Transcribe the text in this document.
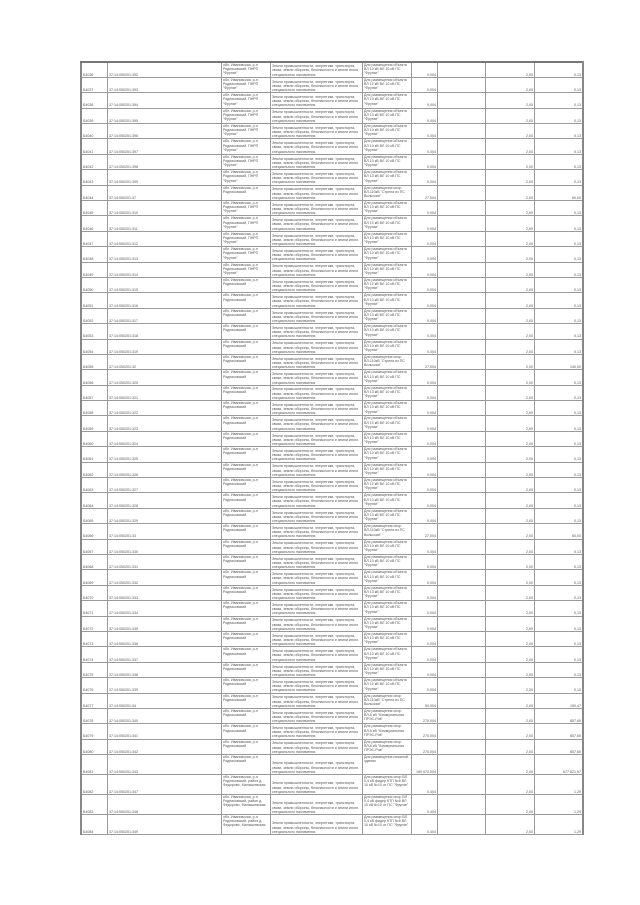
Б4036	37:14:050201:392	обл. Ивановская, р-н Родниковский, ПНРП "Фрунзе"	Земли промышленности, энергетики, транспорта, связи, земли обороны, безопасности и земли иного специального назначения	Для размещения объекта ВЛ 10 кВ ВЛ 10 кВ ПС "Фрунзе"	0,004		2,00	0,13
Б4037	37:14:050201:393	обл. Ивановская, р-н Родниковский, ПНРП "Фрунзе"	Земли промышленности, энергетики, транспорта, связи, земли обороны, безопасности и земли иного специального назначения	Для размещения объекта ВЛ 10 кВ ВЛ 10 кВ ПС "Фрунзе"	0,004		2,00	0,13
Б4038	37:14:050201:394	обл. Ивановская, р-н Родниковский, ПНРП "Фрунзе"	Земли промышленности, энергетики, транспорта, связи, земли обороны, безопасности и земли иного специального назначения	Для размещения объекта ВЛ 10 кВ ВЛ 10 кВ ПС "Фрунзе"	0,004		2,00	0,13
Б4039	37:14:050201:395	обл. Ивановская, р-н Родниковский, ПНРП "Фрунзе"	Земли промышленности, энергетики, транспорта, связи, земли обороны, безопасности и земли иного специального назначения	Для размещения объекта ВЛ 10 кВ ВЛ 10 кВ ПС "Фрунзе"	0,004		2,00	0,13
Б4040	37:14:050201:396	обл. Ивановская, р-н Родниковский, ПНРП "Фрунзе"	Земли промышленности, энергетики, транспорта, связи, земли обороны, безопасности и земли иного специального назначения	Для размещения объекта ВЛ 10 кВ ВЛ 10 кВ ПС "Фрунзе"	0,004		2,00	0,13
Б4041	37:14:050201:397	обл. Ивановская, р-н Родниковский, ПНРП "Фрунзе"	Земли промышленности, энергетики, транспорта, связи, земли обороны, безопасности и земли иного специального назначения	Для размещения объекта ВЛ 10 кВ ВЛ 10 кВ ПС "Фрунзе"	0,004		2,00	0,13
Б4042	37:14:050201:398	обл. Ивановская, р-н Родниковский, ПНРП "Фрунзе"	Земли промышленности, энергетики, транспорта, связи, земли обороны, безопасности и земли иного специального назначения	Для размещения объекта ВЛ 10 кВ ВЛ 10 кВ ПС "Фрунзе"	0,004		2,00	0,13
Б4043	37:14:050201:399	обл. Ивановская, р-н Родниковский, ПНРП "Фрунзе"	Земли промышленности, энергетики, транспорта, связи, земли обороны, безопасности и земли иного специального назначения	Для размещения объекта ВЛ 10 кВ ВЛ 10 кВ ПС "Фрунзе"	0,004		2,00	0,13
Б4044	37:14:050201:37	обл. Ивановская, р-н Родниковский	Земли промышленности, энергетики, транспорта, связи, земли обороны, безопасности и земли иного специального назначения	Для размещения опор ВЛ-110кВ "Стрела из ПС Вольская"	27,004		2,00	60,00
Б4045	37:14:050201:310	обл. Ивановская, р-н Родниковский, ПНРП "Фрунзе"	Земли промышленности, энергетики, транспорта, связи, земли обороны, безопасности и земли иного специального назначения	Для размещения объекта ВЛ 10 кВ ВЛ 10 кВ ПС "Фрунзе"	0,004		2,00	0,13
Б4046	37:14:050201:311	обл. Ивановская, р-н Родниковский, ПНРП "Фрунзе"	Земли промышленности, энергетики, транспорта, связи, земли обороны, безопасности и земли иного специального назначения	Для размещения объекта ВЛ 10 кВ ВЛ 10 кВ ПС "Фрунзе"	0,004		2,00	0,13
Б4047	37:14:050201:312	обл. Ивановская, р-н Родниковский, ПНРП "Фрунзе"	Земли промышленности, энергетики, транспорта, связи, земли обороны, безопасности и земли иного специального назначения	Для размещения объекта ВЛ 10 кВ ВЛ 10 кВ ПС "Фрунзе"	0,004		2,00	0,13
Б4048	37:14:050201:313	обл. Ивановская, р-н Родниковский, ПНРП "Фрунзе"	Земли промышленности, энергетики, транспорта, связи, земли обороны, безопасности и земли иного специального назначения	Для размещения объекта ВЛ 10 кВ ВЛ 10 кВ ПС "Фрунзе"	0,004		2,00	0,13
Б4049	37:14:050201:314	обл. Ивановская, р-н Родниковский, ПНРП "Фрунзе"	Земли промышленности, энергетики, транспорта, связи, земли обороны, безопасности и земли иного специального назначения	Для размещения объекта ВЛ 10 кВ ВЛ 10 кВ ПС "Фрунзе"	0,004		2,00	0,13
Б4050	37:14:050201:315	обл. Ивановская, р-н Родниковский	Земли промышленности, энергетики, транспорта, связи, земли обороны, безопасности и земли иного специального назначения	Для размещения объекта ВЛ 10 кВ ВЛ 10 кВ ПС "Фрунзе"	0,004		2,00	0,13
Б4051	37:14:050201:316	обл. Ивановская, р-н Родниковский	Земли промышленности, энергетики, транспорта, связи, земли обороны, безопасности и земли иного специального назначения	Для размещения объекта ВЛ 10 кВ ВЛ 10 кВ ПС "Фрунзе"	0,004		2,00	0,13
Б4052	37:14:050201:317	обл. Ивановская, р-н Родниковский	Земли промышленности, энергетики, транспорта, связи, земли обороны, безопасности и земли иного специального назначения	Для размещения объекта ВЛ 10 кВ ВЛ 10 кВ ПС "Фрунзе"	0,004		2,00	0,13
Б4053	37:14:050201:318	обл. Ивановская, р-н Родниковский	Земли промышленности, энергетики, транспорта, связи, земли обороны, безопасности и земли иного специального назначения	Для размещения объекта ВЛ 10 кВ ВЛ 10 кВ ПС "Фрунзе"	0,004		2,00	0,13
Б4054	37:14:050201:319	обл. Ивановская, р-н Родниковский	Земли промышленности, энергетики, транспорта, связи, земли обороны, безопасности и земли иного специального назначения	Для размещения объекта ВЛ 10 кВ ВЛ 10 кВ ПС "Фрунзе"	0,004		2,00	0,13
Б4055	37:14:050201:32	обл. Ивановская, р-н Родниковский	Земли промышленности, энергетики, транспорта, связи, земли обороны, безопасности и земли иного специального назначения	Для размещения опор ВЛ-110кВ "Стрела из ПС Вольская"	27,004		2,00	140,00
Б4056	37:14:050201:320	обл. Ивановская, р-н Родниковский	Земли промышленности, энергетики, транспорта, связи, земли обороны, безопасности и земли иного специального назначения	Для размещения объекта ВЛ 10 кВ ВЛ 10 кВ ПС "Фрунзе"	0,004		2,00	0,13
Б4057	37:14:050201:321	обл. Ивановская, р-н Родниковский	Земли промышленности, энергетики, транспорта, связи, земли обороны, безопасности и земли иного специального назначения	Для размещения объекта ВЛ 10 кВ ВЛ 10 кВ ПС "Фрунзе"	0,004		2,00	0,13
Б4058	37:14:050201:322	обл. Ивановская, р-н Родниковский	Земли промышленности, энергетики, транспорта, связи, земли обороны, безопасности и земли иного специального назначения	Для размещения объекта ВЛ 10 кВ ВЛ 10 кВ ПС "Фрунзе"	0,004		2,00	0,13
Б4059	37:14:050201:323	обл. Ивановская, р-н Родниковский	Земли промышленности, энергетики, транспорта, связи, земли обороны, безопасности и земли иного специального назначения	Для размещения объекта ВЛ 10 кВ ВЛ 10 кВ ПС "Фрунзе"	0,004		2,00	0,13
Б4060	37:14:050201:324	обл. Ивановская, р-н Родниковский	Земли промышленности, энергетики, транспорта, связи, земли обороны, безопасности и земли иного специального назначения	Для размещения объекта ВЛ 10 кВ ВЛ 10 кВ ПС "Фрунзе"	0,004		2,00	0,13
Б4061	37:14:050201:325	обл. Ивановская, р-н Родниковский	Земли промышленности, энергетики, транспорта, связи, земли обороны, безопасности и земли иного специального назначения	Для размещения объекта ВЛ 10 кВ ВЛ 10 кВ ПС "Фрунзе"	0,004		2,00	0,13
Б4062	37:14:050201:326	обл. Ивановская, р-н Родниковский	Земли промышленности, энергетики, транспорта, связи, земли обороны, безопасности и земли иного специального назначения	Для размещения объекта ВЛ 10 кВ ВЛ 10 кВ ПС "Фрунзе"	0,004		2,00	0,13
Б4063	37:14:050201:327	обл. Ивановская, р-н Родниковский	Земли промышленности, энергетики, транспорта, связи, земли обороны, безопасности и земли иного специального назначения	Для размещения объекта ВЛ 10 кВ ВЛ 10 кВ ПС "Фрунзе"	0,004		2,00	0,13
Б4064	37:14:050201:328	обл. Ивановская, р-н Родниковский	Земли промышленности, энергетики, транспорта, связи, земли обороны, безопасности и земли иного специального назначения	Для размещения объекта ВЛ 10 кВ ВЛ 10 кВ ПС "Фрунзе"	0,004		2,00	0,13
Б4065	37:14:050201:329	обл. Ивановская, р-н Родниковский	Земли промышленности, энергетики, транспорта, связи, земли обороны, безопасности и земли иного специального назначения	Для размещения объекта ВЛ 10 кВ ВЛ 10 кВ ПС "Фрунзе"	0,004		2,00	0,13
Б4066	37:14:050201:33	обл. Ивановская, р-н Родниковский	Земли промышленности, энергетики, транспорта, связи, земли обороны, безопасности и земли иного специального назначения	Для размещения опор ВЛ-110кВ "Стрела из ПС Вольская"	27,004		2,00	60,00
Б4067	37:14:050201:330	обл. Ивановская, р-н Родниковский	Земли промышленности, энергетики, транспорта, связи, земли обороны, безопасности и земли иного специального назначения	Для размещения объекта ВЛ 10 кВ ВЛ 10 кВ ПС "Фрунзе"	0,004		2,00	0,13
Б4068	37:14:050201:331	обл. Ивановская, р-н Родниковский	Земли промышленности, энергетики, транспорта, связи, земли обороны, безопасности и земли иного специального назначения	Для размещения объекта ВЛ 10 кВ ВЛ 10 кВ ПС "Фрунзе"	0,004		2,00	0,13
Б4069	37:14:050201:332	обл. Ивановская, р-н Родниковский	Земли промышленности, энергетики, транспорта, связи, земли обороны, безопасности и земли иного специального назначения	Для размещения объекта ВЛ 10 кВ ВЛ 10 кВ ПС "Фрунзе"	0,004		2,00	0,13
Б4070	37:14:050201:333	обл. Ивановская, р-н Родниковский	Земли промышленности, энергетики, транспорта, связи, земли обороны, безопасности и земли иного специального назначения	Для размещения объекта ВЛ 10 кВ ВЛ 10 кВ ПС "Фрунзе"	0,004		2,00	0,13
Б4071	37:14:050201:334	обл. Ивановская, р-н Родниковский	Земли промышленности, энергетики, транспорта, связи, земли обороны, безопасности и земли иного специального назначения	Для размещения объекта ВЛ 10 кВ ВЛ 10 кВ ПС "Фрунзе"	0,004		2,00	0,13
Б4072	37:14:050201:335	обл. Ивановская, р-н Родниковский	Земли промышленности, энергетики, транспорта, связи, земли обороны, безопасности и земли иного специального назначения	Для размещения объекта ВЛ 10 кВ ВЛ 10 кВ ПС "Фрунзе"	0,004		2,00	0,13
Б4073	37:14:050201:336	обл. Ивановская, р-н Родниковский	Земли промышленности, энергетики, транспорта, связи, земли обороны, безопасности и земли иного специального назначения	Для размещения объекта ВЛ 10 кВ ВЛ 10 кВ ПС "Фрунзе"	0,004		2,00	0,13
Б4074	37:14:050201:337	обл. Ивановская, р-н Родниковский	Земли промышленности, энергетики, транспорта, связи, земли обороны, безопасности и земли иного специального назначения	Для размещения объекта ВЛ 10 кВ ВЛ 10 кВ ПС "Фрунзе"	0,004		2,00	0,13
Б4075	37:14:050201:338	обл. Ивановская, р-н Родниковский	Земли промышленности, энергетики, транспорта, связи, земли обороны, безопасности и земли иного специального назначения	Для размещения объекта ВЛ 10 кВ ВЛ 10 кВ ПС "Фрунзе"	0,004		2,00	0,13
Б4076	37:14:050201:339	обл. Ивановская, р-н Родниковский	Земли промышленности, энергетики, транспорта, связи, земли обороны, безопасности и земли иного специального назначения	Для размещения объекта ВЛ 10 кВ ВЛ 10 кВ ПС "Фрунзе"	0,004		2,00	0,13
Б4077	37:14:050201:34	обл. Ивановская, р-н Родниковский	Земли промышленности, энергетики, транспорта, связи, земли обороны, безопасности и земли иного специального назначения	Для размещения опор ВЛ-110кВ "Стрела из ПС Вольская"	50,004		2,00	150,47
Б4078	37:14:050201:340	обл. Ивановская, р-н Родниковский	Земли промышленности, энергетики, транспорта, связи, земли обороны, безопасности и земли иного специального назначения	Для размещения опор ВЛ-6 кВ "Коммунальная ПРЭС-Ров"	270,004		2,00	857,60
Б4079	37:14:050201:341	обл. Ивановская, р-н Родниковский	Земли промышленности, энергетики, транспорта, связи, земли обороны, безопасности и земли иного специального назначения	Для размещения опор ВЛ-6 кВ "Коммунальная ПРЭС-Ров"	270,004		2,00	857,60
Б4080	37:14:050201:342	обл. Ивановская, р-н Родниковский	Земли промышленности, энергетики, транспорта, связи, земли обороны, безопасности и земли иного специального назначения	Для размещения опор ВЛ-6 кВ "Коммунальная ПРЭС-Ров"	270,004		2,00	857,60
Б4081	37:14:050201:343	обл. Ивановская, р-н Родниковский	Земли промышленности, энергетики, транспорта, связи, земли обороны, безопасности и земли иного специального назначения	Для размещения нежилой здания	169 570,004		2,00	677 621,57
Б4082	37:14:050201:347	обл. Ивановская, р-н Родниковский, район д. Федорово, Малышевская	Земли промышленности, энергетики, транспорта, связи, земли обороны, безопасности и земли иного специального назначения	Для размещения опор ВЛ 0,4 кВ фидер КТП №6 ВЛ 10 кВ №10 от ПС "Фрунзе"	0,404		2,00	1,29
Б4083	37:14:050201:348	обл. Ивановская, р-н Родниковский, район д. Федорово, Малышевская	Земли промышленности, энергетики, транспорта, связи, земли обороны, безопасности и земли иного специального назначения	Для размещения опор ВЛ 0,4 кВ фидер КТП №6 ВЛ 10 кВ №10 от ПС "Фрунзе"	0,404		2,00	1,29
Б4084	37:14:050201:349	обл. Ивановская, р-н Родниковский, район д. Федорово, Малышевская	Земли промышленности, энергетики, транспорта, связи, земли обороны, безопасности и земли иного специального назначения	Для размещения опор ВЛ 0,4 кВ фидер КТП №6 ВЛ 10 кВ №10 от ПС "Фрунзе"	0,404		2,00	1,29
